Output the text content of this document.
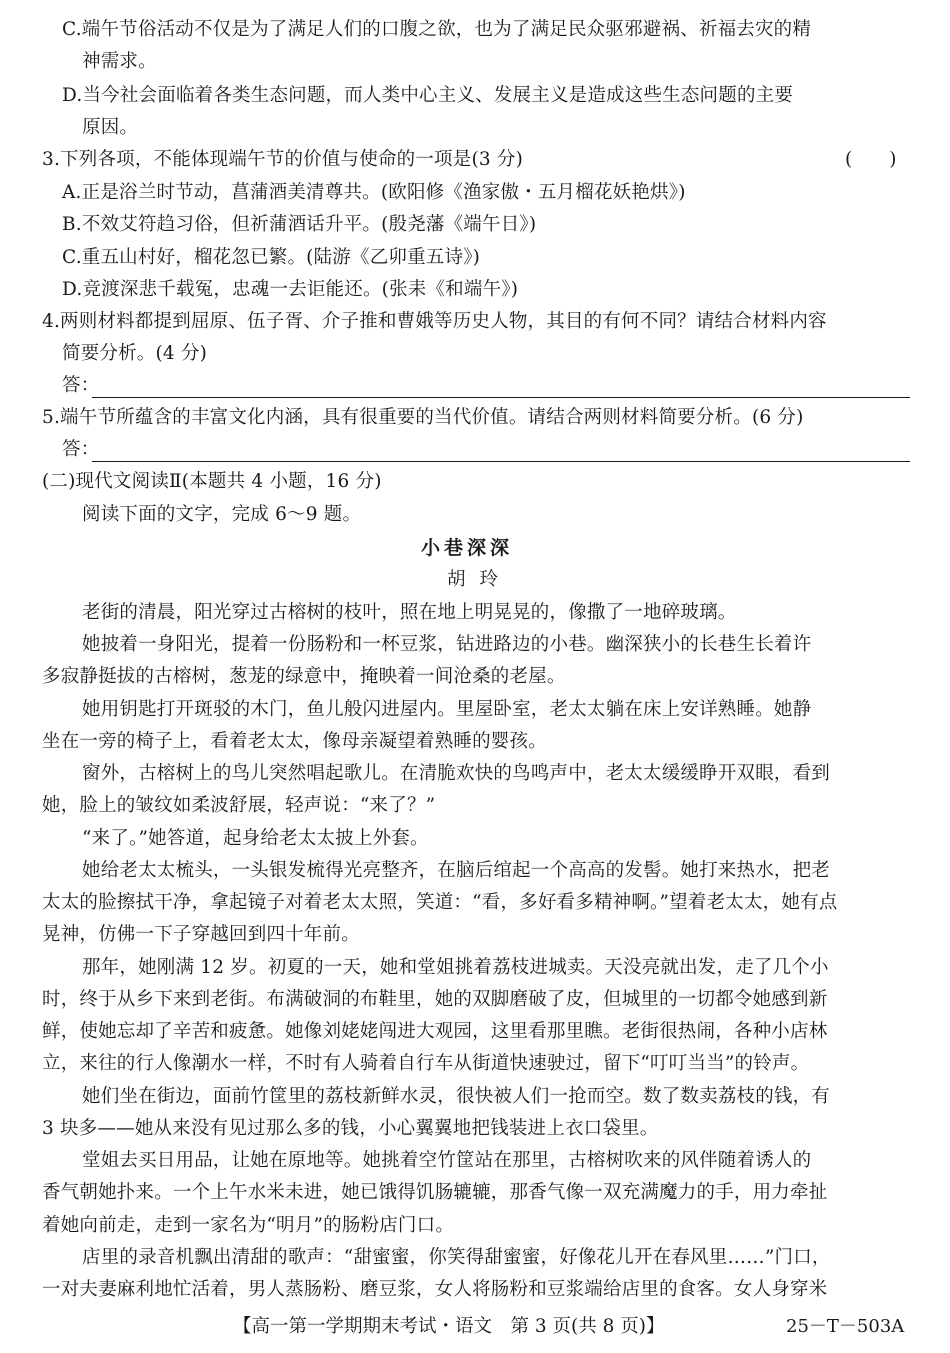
C.端午节俗活动不仅是为了满足人们的口腹之欲，也为了满足民众驱邪避祸、祈福去灾的精
神需求。
D.当今社会面临着各类生态问题，而人类中心主义、发展主义是造成这些生态问题的主要
原因。
3.下列各项，不能体现端午节的价值与使命的一项是(3 分)	(　　)
A.正是浴兰时节动，菖蒲酒美清尊共。(欧阳修《渔家傲・五月榴花妖艳烘》)
B.不效艾符趋习俗，但祈蒲酒话升平。(殷尧藩《端午日》)
C.重五山村好，榴花忽已繁。(陆游《乙卯重五诗》)
D.竞渡深悲千载冤，忠魂一去讵能还。(张耒《和端午》)
4.两则材料都提到屈原、伍子胥、介子推和曹娥等历史人物，其目的有何不同？请结合材料内容
简要分析。(4 分)
答：
5.端午节所蕴含的丰富文化内涵，具有很重要的当代价值。请结合两则材料简要分析。(6 分)
答：
(二)现代文阅读Ⅱ(本题共 4 小题，16 分)
阅读下面的文字，完成 6～9 题。
小巷深深
胡玲
老街的清晨，阳光穿过古榕树的枝叶，照在地上明晃晃的，像撒了一地碎玻璃。
她披着一身阳光，提着一份肠粉和一杯豆浆，钻进路边的小巷。幽深狭小的长巷生长着许
多寂静挺拔的古榕树，葱茏的绿意中，掩映着一间沧桑的老屋。
她用钥匙打开斑驳的木门，鱼儿般闪进屋内。里屋卧室，老太太躺在床上安详熟睡。她静
坐在一旁的椅子上，看着老太太，像母亲凝望着熟睡的婴孩。
窗外，古榕树上的鸟儿突然唱起歌儿。在清脆欢快的鸟鸣声中，老太太缓缓睁开双眼，看到
她，脸上的皱纹如柔波舒展，轻声说：“来了？”
“来了。”她答道，起身给老太太披上外套。
她给老太太梳头，一头银发梳得光亮整齐，在脑后绾起一个高高的发髻。她打来热水，把老
太太的脸擦拭干净，拿起镜子对着老太太照，笑道：“看，多好看多精神啊。”望着老太太，她有点
晃神，仿佛一下子穿越回到四十年前。
那年，她刚满 12 岁。初夏的一天，她和堂姐挑着荔枝进城卖。天没亮就出发，走了几个小
时，终于从乡下来到老街。布满破洞的布鞋里，她的双脚磨破了皮，但城里的一切都令她感到新
鲜，使她忘却了辛苦和疲惫。她像刘姥姥闯进大观园，这里看那里瞧。老街很热闹，各种小店林
立，来往的行人像潮水一样，不时有人骑着自行车从街道快速驶过，留下“叮叮当当”的铃声。
她们坐在街边，面前竹筐里的荔枝新鲜水灵，很快被人们一抢而空。数了数卖荔枝的钱，有
3 块多——她从来没有见过那么多的钱，小心翼翼地把钱装进上衣口袋里。
堂姐去买日用品，让她在原地等。她挑着空竹筐站在那里，古榕树吹来的风伴随着诱人的
香气朝她扑来。一个上午水米未进，她已饿得饥肠辘辘，那香气像一双充满魔力的手，用力牵扯
着她向前走，走到一家名为“明月”的肠粉店门口。
店里的录音机飘出清甜的歌声：“甜蜜蜜，你笑得甜蜜蜜，好像花儿开在春风里……”门口，
一对夫妻麻利地忙活着，男人蒸肠粉、磨豆浆，女人将肠粉和豆浆端给店里的食客。女人身穿米
【高一第一学期期末考试・语文　第 3 页(共 8 页)】	25－T－503A
